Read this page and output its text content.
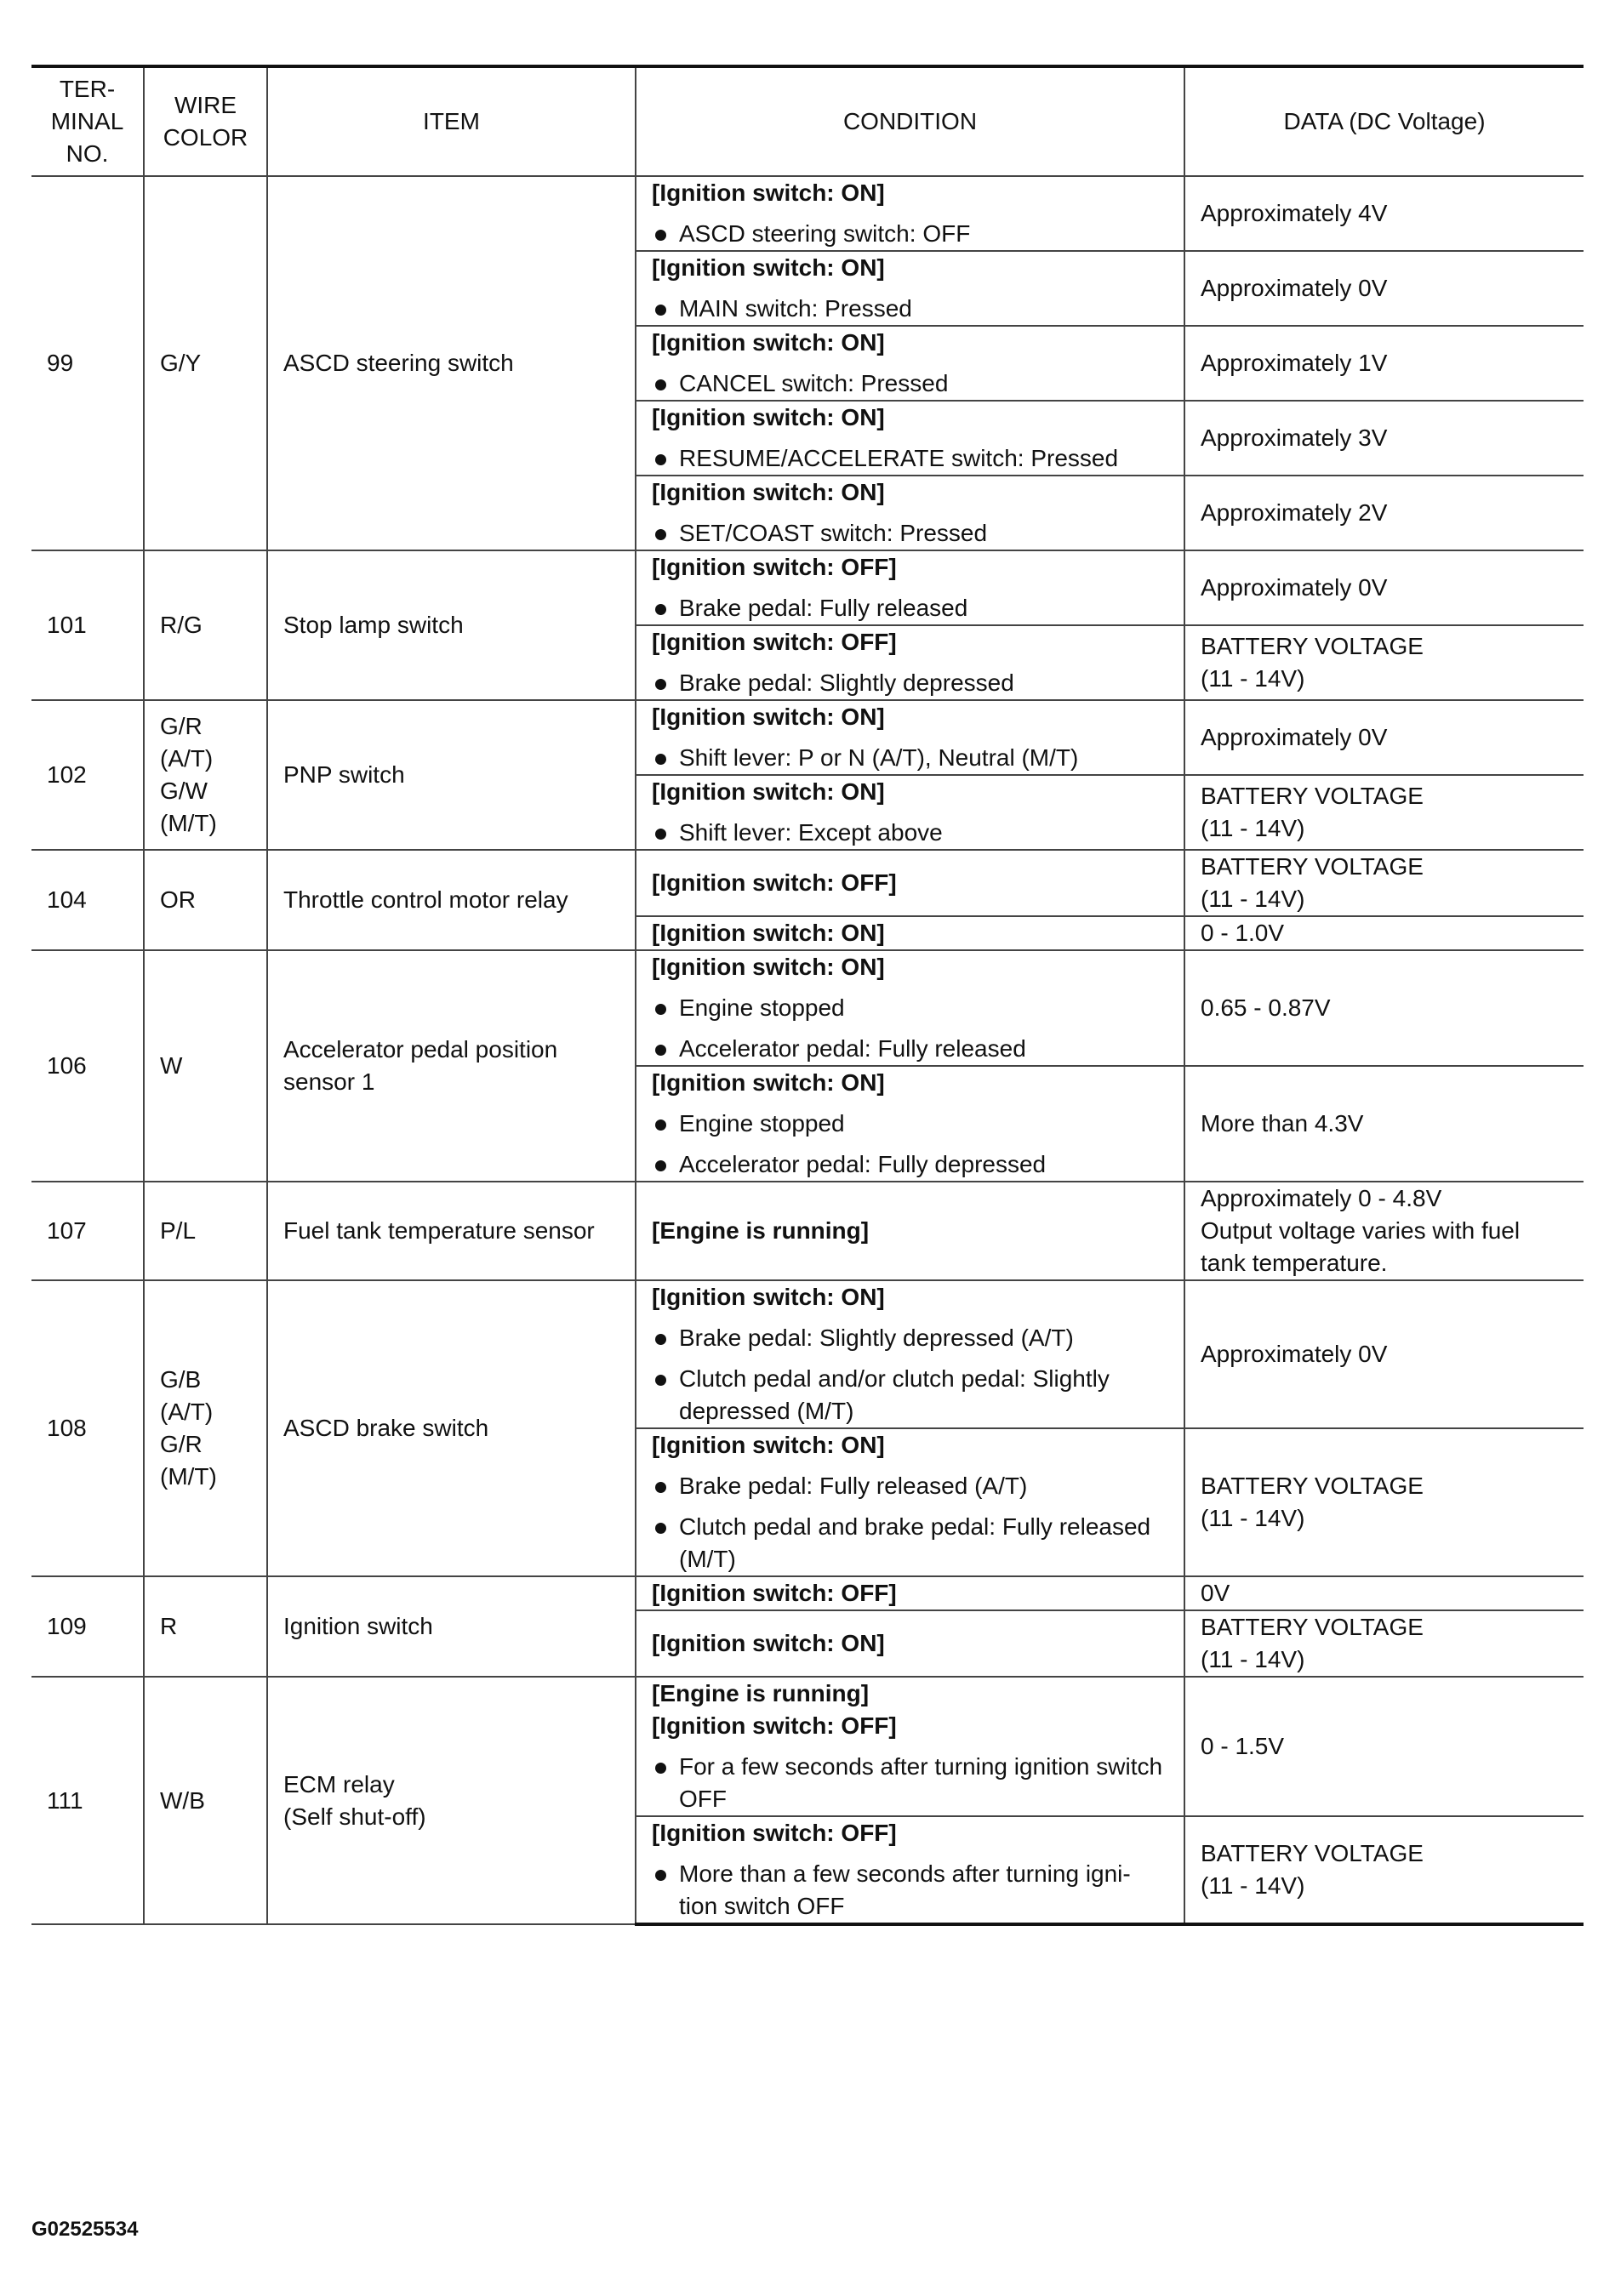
TER-
MINAL
NO.	WIRE
COLOR	ITEM	CONDITION	DATA (DC Voltage)
99	G/Y	ASCD steering switch	[Ignition switch: ON]
ASCD steering switch: OFF	Approximately 4V

			[Ignition switch: ON]
MAIN switch: Pressed	Approximately 0V

			[Ignition switch: ON]
CANCEL switch: Pressed	Approximately 1V

			[Ignition switch: ON]
RESUME/ACCELERATE switch: Pressed	Approximately 3V

			[Ignition switch: ON]
SET/COAST switch: Pressed	Approximately 2V
101	R/G	Stop lamp switch	[Ignition switch: OFF]
Brake pedal: Fully released	Approximately 0V

			[Ignition switch: OFF]
Brake pedal: Slightly depressed	BATTERY VOLTAGE
(11 - 14V)
102	G/R
(A/T)
G/W
(M/T)	PNP switch	[Ignition switch: ON]
Shift lever: P or N (A/T), Neutral (M/T)	Approximately 0V

			[Ignition switch: ON]
Shift lever: Except above	BATTERY VOLTAGE
(11 - 14V)
104	OR	Throttle control motor relay	[Ignition switch: OFF]	BATTERY VOLTAGE
(11 - 14V)

			[Ignition switch: ON]	0 - 1.0V
106	W	Accelerator pedal position
sensor 1	[Ignition switch: ON]
Engine stopped
Accelerator pedal: Fully released	0.65 - 0.87V

			[Ignition switch: ON]
Engine stopped
Accelerator pedal: Fully depressed	More than 4.3V
107	P/L	Fuel tank temperature sensor	[Engine is running]	Approximately 0 - 4.8V
Output voltage varies with fuel
tank temperature.
108	G/B
(A/T)
G/R
(M/T)	ASCD brake switch	[Ignition switch: ON]
Brake pedal: Slightly depressed (A/T)
Clutch pedal and/or clutch pedal: Slightly depressed (M/T)	Approximately 0V

			[Ignition switch: ON]
Brake pedal: Fully released (A/T)
Clutch pedal and brake pedal: Fully released (M/T)	BATTERY VOLTAGE
(11 - 14V)
109	R	Ignition switch	[Ignition switch: OFF]	0V

			[Ignition switch: ON]	BATTERY VOLTAGE
(11 - 14V)
111	W/B	ECM relay
(Self shut-off)	[Engine is running]
[Ignition switch: OFF]
For a few seconds after turning ignition switch OFF	0 - 1.5V

			[Ignition switch: OFF]
More than a few seconds after turning igni-tion switch OFF	BATTERY VOLTAGE
(11 - 14V)
G02525534
